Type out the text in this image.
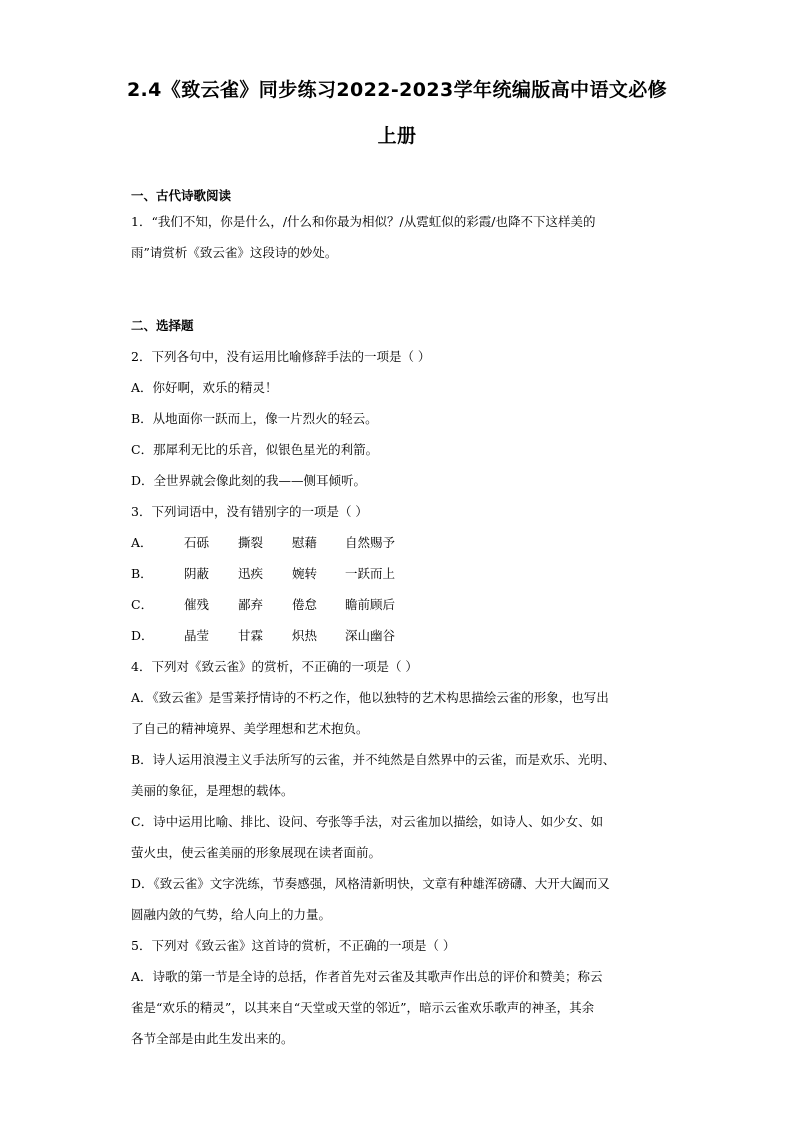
2.4《致云雀》同步练习2022-2023学年统编版高中语文必修
上册
一、古代诗歌阅读

1．“我们不知，你是什么，/什么和你最为相似？/从霓虹似的彩霞/也降不下这样美的

雨”请赏析《致云雀》这段诗的妙处。

二、选择题

2．下列各句中，没有运用比喻修辞手法的一项是（ ）

A．你好啊，欢乐的精灵！

B．从地面你一跃而上，像一片烈火的轻云。

C．那犀利无比的乐音，似银色星光的利箭。

D．全世界就会像此刻的我——侧耳倾听。

3．下列词语中，没有错别字的一项是（ ）

A．	石砾 撕裂 慰藉 自然赐予

B．	阴蔽 迅疾 婉转 一跃而上

C． 催残 鄙弃 倦怠 瞻前顾后

D． 晶莹 甘霖 炽热 深山幽谷

4．下列对《致云雀》的赏析，不正确的一项是（ ）

A．《致云雀》是雪莱抒情诗的不朽之作，他以独特的艺术构思描绘云雀的形象，也写出

了自己的精神境界、美学理想和艺术抱负。

B．诗人运用浪漫主义手法所写的云雀，并不纯然是自然界中的云雀，而是欢乐、光明、

美丽的象征，是理想的载体。

C．诗中运用比喻、排比、设问、夸张等手法，对云雀加以描绘，如诗人、如少女、如

萤火虫，使云雀美丽的形象展现在读者面前。

D．《致云雀》文字洗练，节奏感强，风格清新明快，文章有种雄浑磅礴、大开大阖而又

圆融内敛的气势，给人向上的力量。

5．下列对《致云雀》这首诗的赏析，不正确的一项是（ ）

A．诗歌的第一节是全诗的总括，作者首先对云雀及其歌声作出总的评价和赞美；称云

雀是“欢乐的精灵”，以其来自“天堂或天堂的邻近”，暗示云雀欢乐歌声的神圣，其余

各节全部是由此生发出来的。
